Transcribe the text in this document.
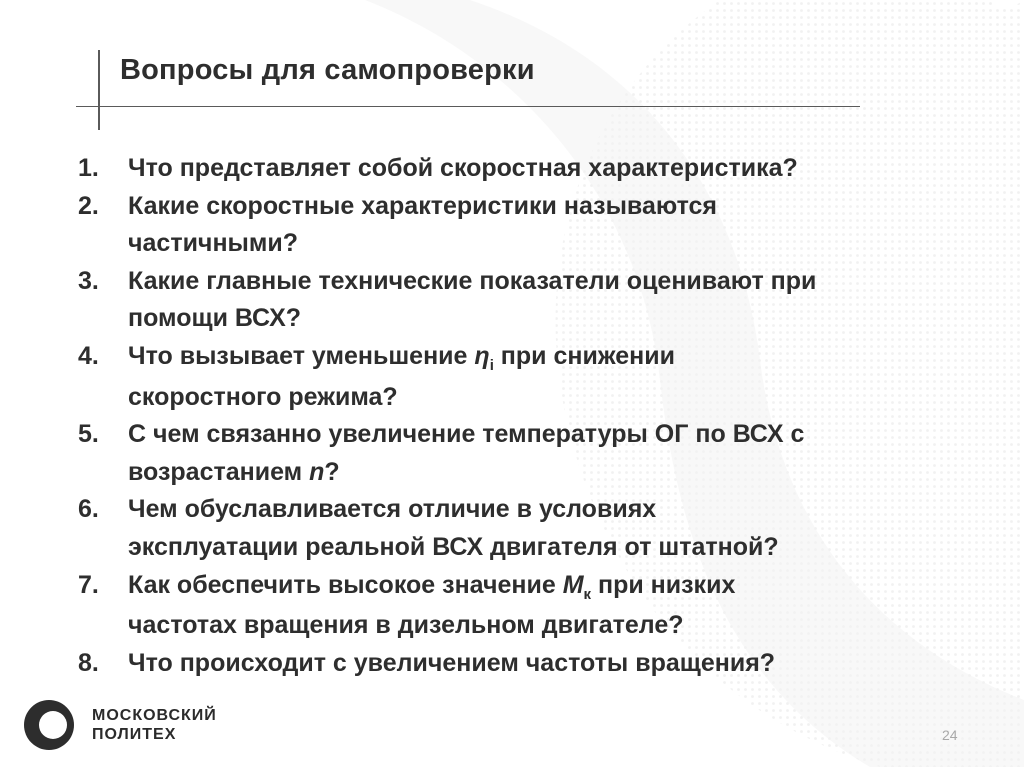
Вопросы для самопроверки
1.	Что представляет собой скоростная характеристика?
2.	Какие скоростные характеристики называются
частичными?
3.	Какие главные технические показатели оценивают при
помощи ВСХ?
4.	Что вызывает уменьшение $\eta_i$ при снижении
скоростного режима?
5.	С чем связанно увеличение температуры ОГ по ВСХ с
возрастанием n?
6.	Чем обуславливается отличие в условиях
эксплуатации реальной ВСХ двигателя от штатной?
7.	Как обеспечить высокое значение $M_к$ при низких
частотах вращения в дизельном двигателе?
8.	Что происходит с увеличением частоты вращения?
МОСКОВСКИЙ
ПОЛИТЕХ	24
